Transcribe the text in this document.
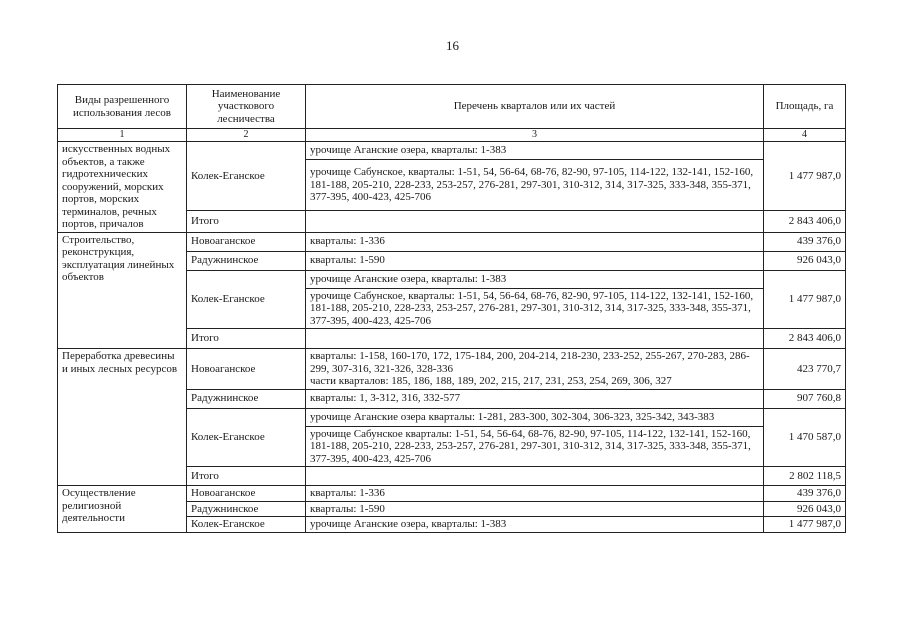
16
Виды разрешенного использования лесов	Наименование участкового лесничества	Перечень кварталов или их частей	Площадь, га
1	2	3	4
искусственных водных объектов, а также гидротехнических сооружений, морских портов, морских терминалов, речных портов, причалов	Колек-Еганское	урочище Аганские озера, кварталы: 1-383	1 477 987,0
		урочище Сабунское, кварталы: 1-51, 54, 56-64, 68-76, 82-90, 97-105, 114-122, 132-141, 152-160, 181-188, 205-210, 228-233, 253-257, 276-281, 297-301, 310-312, 314, 317-325, 333-348, 355-371, 377-395, 400-423, 425-706	
	Итого		2 843 406,0
Строительство, реконструкция, эксплуатация линейных объектов	Новоаганское	кварталы: 1-336	439 376,0
	Радужнинское	кварталы: 1-590	926 043,0
	Колек-Еганское	урочище Аганские озера, кварталы: 1-383	1 477 987,0
		урочище Сабунское, кварталы: 1-51, 54, 56-64, 68-76, 82-90, 97-105, 114-122, 132-141, 152-160, 181-188, 205-210, 228-233, 253-257, 276-281, 297-301, 310-312, 314, 317-325, 333-348, 355-371, 377-395, 400-423, 425-706	
	Итого		2 843 406,0
Переработка древесины и иных лесных ресурсов	Новоаганское	кварталы: 1-158, 160-170, 172, 175-184, 200, 204-214, 218-230, 233-252, 255-267, 270-283, 286-299, 307-316, 321-326, 328-336
части кварталов: 185, 186, 188, 189, 202, 215, 217, 231, 253, 254, 269, 306, 327	423 770,7
	Радужнинское	кварталы: 1, 3-312, 316, 332-577	907 760,8
	Колек-Еганское	урочище Аганские озера кварталы: 1-281, 283-300, 302-304, 306-323, 325-342, 343-383	1 470 587,0
		урочище Сабунское кварталы: 1-51, 54, 56-64, 68-76, 82-90, 97-105, 114-122, 132-141, 152-160, 181-188, 205-210, 228-233, 253-257, 276-281, 297-301, 310-312, 314, 317-325, 333-348, 355-371, 377-395, 400-423, 425-706	
	Итого		2 802 118,5
Осуществление религиозной деятельности	Новоаганское	кварталы: 1-336	439 376,0
	Радужнинское	кварталы: 1-590	926 043,0
	Колек-Еганское	урочище Аганские озера, кварталы: 1-383	1 477 987,0
